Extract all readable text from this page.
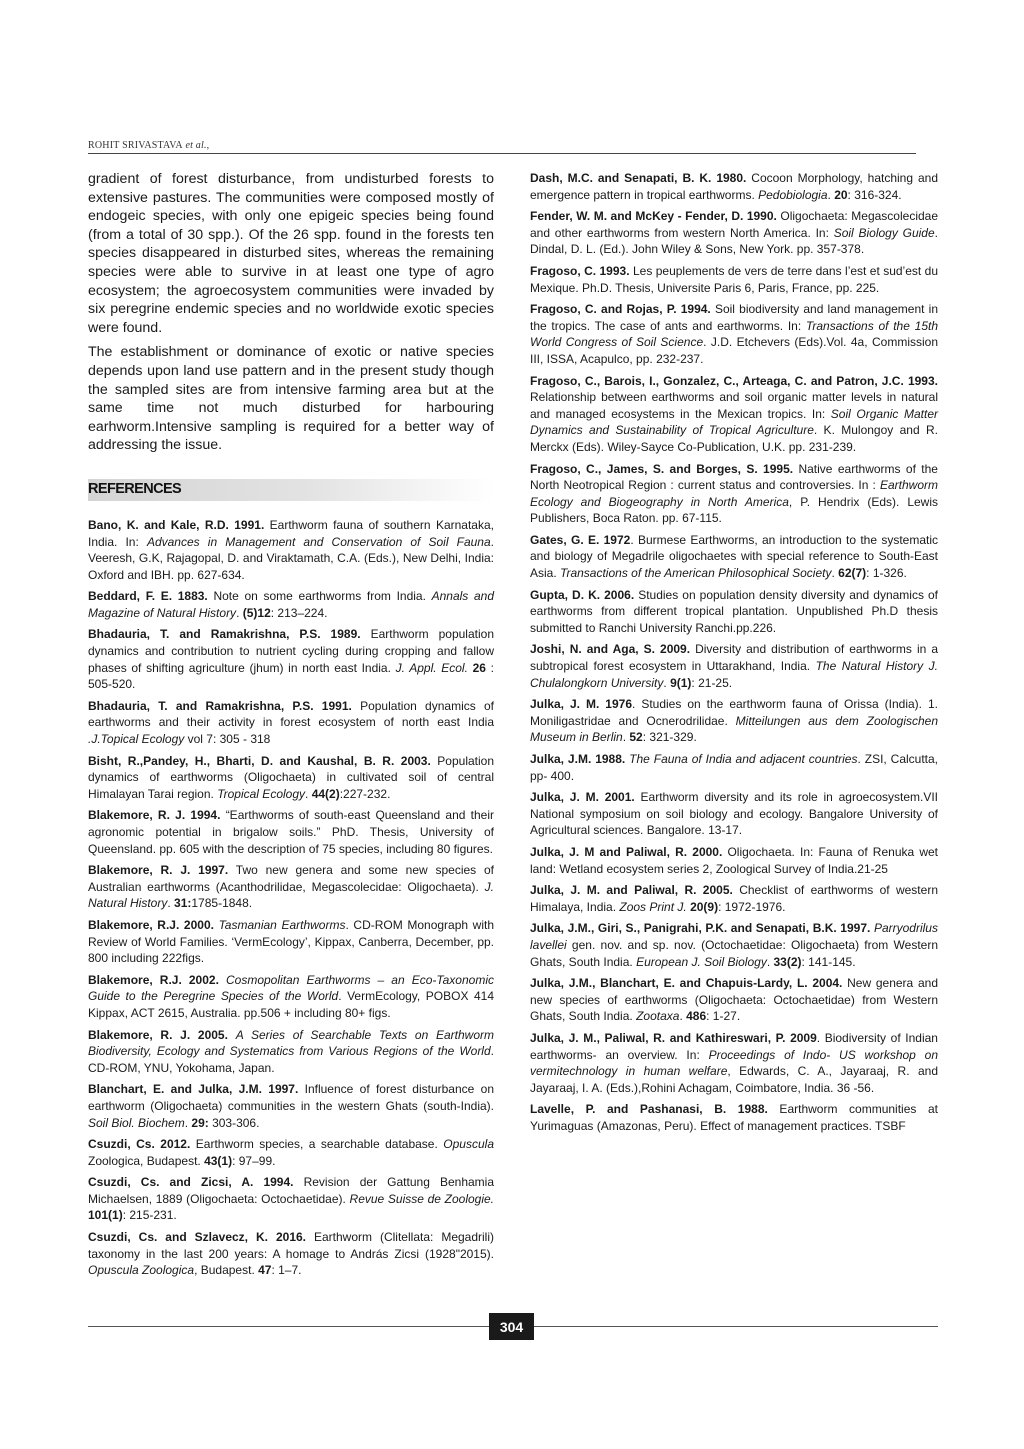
ROHIT SRIVASTAVA et al.,

gradient of forest disturbance, from undisturbed forests to extensive pastures. The communities were composed mostly of endogeic species, with only one epigeic species being found (from a total of 30 spp.). Of the 26 spp. found in the forests ten species disappeared in disturbed sites, whereas the remaining species were able to survive in at least one type of agro ecosystem; the agroecosystem communities were invaded by six peregrine endemic species and no worldwide exotic species were found.

The establishment or dominance of exotic or native species depends upon land use pattern and in the present study though the sampled sites are from intensive farming area but at the same time not much disturbed for harbouring earhworm.Intensive sampling is required for a better way of addressing the issue.

REFERENCES

Bano, K. and Kale, R.D. 1991. Earthworm fauna of southern Karnataka, India. In: Advances in Management and Conservation of Soil Fauna. Veeresh, G.K, Rajagopal, D. and Viraktamath, C.A. (Eds.), New Delhi, India: Oxford and IBH. pp. 627-634.

Beddard, F. E. 1883. Note on some earthworms from India. Annals and Magazine of Natural History. (5)12: 213–224.

Bhadauria, T. and Ramakrishna, P.S. 1989. Earthworm population dynamics and contribution to nutrient cycling during cropping and fallow phases of shifting agriculture (jhum) in north east India. J. Appl. Ecol. 26 : 505-520.

Bhadauria, T. and Ramakrishna, P.S. 1991. Population dynamics of earthworms and their activity in forest ecosystem of north east India .J.Topical Ecology vol 7: 305 - 318

Bisht, R.,Pandey, H., Bharti, D. and Kaushal, B. R. 2003. Population dynamics of earthworms (Oligochaeta) in cultivated soil of central Himalayan Tarai region. Tropical Ecology. 44(2):227-232.

Blakemore, R. J. 1994. “Earthworms of south-east Queensland and their agronomic potential in brigalow soils.” PhD. Thesis, University of Queensland. pp. 605 with the description of 75 species, including 80 figures.

Blakemore, R. J. 1997. Two new genera and some new species of Australian earthworms (Acanthodrilidae, Megascolecidae: Oligochaeta). J. Natural History. 31:1785-1848.

Blakemore, R.J. 2000. Tasmanian Earthworms. CD-ROM Monograph with Review of World Families. ‘VermEcology’, Kippax, Canberra, December, pp. 800 including 222figs.

Blakemore, R.J. 2002. Cosmopolitan Earthworms – an Eco-Taxonomic Guide to the Peregrine Species of the World. VermEcology, POBOX 414 Kippax, ACT 2615, Australia. pp.506 + including 80+ figs.

Blakemore, R. J. 2005. A Series of Searchable Texts on Earthworm Biodiversity, Ecology and Systematics from Various Regions of the World. CD-ROM, YNU, Yokohama, Japan.

Blanchart, E. and Julka, J.M. 1997. Influence of forest disturbance on earthworm (Oligochaeta) communities in the western Ghats (south-India). Soil Biol. Biochem. 29: 303-306.

Csuzdi, Cs. 2012. Earthworm species, a searchable database. Opuscula Zoologica, Budapest. 43(1): 97–99.

Csuzdi, Cs. and Zicsi, A. 1994. Revision der Gattung Benhamia Michaelsen, 1889 (Oligochaeta: Octochaetidae). Revue Suisse de Zoologie. 101(1): 215-231.

Csuzdi, Cs. and Szlavecz, K. 2016. Earthworm (Clitellata: Megadrili) taxonomy in the last 200 years: A homage to András Zicsi (1928"2015). Opuscula Zoologica, Budapest. 47: 1–7.

Dash, M.C. and Senapati, B. K. 1980. Cocoon Morphology, hatching and emergence pattern in tropical earthworms. Pedobiologia. 20: 316-324.

Fender, W. M. and McKey - Fender, D. 1990. Oligochaeta: Megascolecidae and other earthworms from western North America. In: Soil Biology Guide. Dindal, D. L. (Ed.). John Wiley & Sons, New York. pp. 357-378.

Fragoso, C. 1993. Les peuplements de vers de terre dans l’est et sud’est du Mexique. Ph.D. Thesis, Universite Paris 6, Paris, France, pp. 225.

Fragoso, C. and Rojas, P. 1994. Soil biodiversity and land management in the tropics. The case of ants and earthworms. In: Transactions of the 15th World Congress of Soil Science. J.D. Etchevers (Eds).Vol. 4a, Commission III, ISSA, Acapulco, pp. 232-237.

Fragoso, C., Barois, I., Gonzalez, C., Arteaga, C. and Patron, J.C. 1993. Relationship between earthworms and soil organic matter levels in natural and managed ecosystems in the Mexican tropics. In: Soil Organic Matter Dynamics and Sustainability of Tropical Agriculture. K. Mulongoy and R. Merckx (Eds). Wiley-Sayce Co-Publication, U.K. pp. 231-239.

Fragoso, C., James, S. and Borges, S. 1995. Native earthworms of the North Neotropical Region : current status and controversies. In : Earthworm Ecology and Biogeography in North America, P. Hendrix (Eds). Lewis Publishers, Boca Raton. pp. 67-115.

Gates, G. E. 1972. Burmese Earthworms, an introduction to the systematic and biology of Megadrile oligochaetes with special reference to South-East Asia. Transactions of the American Philosophical Society. 62(7): 1-326.

Gupta, D. K. 2006. Studies on population density diversity and dynamics of earthworms from different tropical plantation. Unpublished Ph.D thesis submitted to Ranchi University Ranchi.pp.226.

Joshi, N. and Aga, S. 2009. Diversity and distribution of earthworms in a subtropical forest ecosystem in Uttarakhand, India. The Natural History J. Chulalongkorn University. 9(1): 21-25.

Julka, J. M. 1976. Studies on the earthworm fauna of Orissa (India). 1. Moniligastridae and Ocnerodrilidae. Mitteilungen aus dem Zoologischen Museum in Berlin. 52: 321-329.

Julka, J.M. 1988. The Fauna of India and adjacent countries. ZSI, Calcutta, pp- 400.

Julka, J. M. 2001. Earthworm diversity and its role in agroecosystem.VII National symposium on soil biology and ecology. Bangalore University of Agricultural sciences. Bangalore. 13-17.

Julka, J. M and Paliwal, R. 2000. Oligochaeta. In: Fauna of Renuka wet land: Wetland ecosystem series 2, Zoological Survey of India.21-25

Julka, J. M. and Paliwal, R. 2005. Checklist of earthworms of western Himalaya, India. Zoos Print J. 20(9): 1972-1976.

Julka, J.M., Giri, S., Panigrahi, P.K. and Senapati, B.K. 1997. Parryodrilus lavellei gen. nov. and sp. nov. (Octochaetidae: Oligochaeta) from Western Ghats, South India. European J. Soil Biology. 33(2): 141-145.

Julka, J.M., Blanchart, E. and Chapuis-Lardy, L. 2004. New genera and new species of earthworms (Oligochaeta: Octochaetidae) from Western Ghats, South India. Zootaxa. 486: 1-27.

Julka, J. M., Paliwal, R. and Kathireswari, P. 2009. Biodiversity of Indian earthworms- an overview. In: Proceedings of Indo- US workshop on vermitechnology in human welfare, Edwards, C. A., Jayaraaj, R. and Jayaraaj, I. A. (Eds.),Rohini Achagam, Coimbatore, India. 36 -56.

Lavelle, P. and Pashanasi, B. 1988. Earthworm communities at Yurimaguas (Amazonas, Peru). Effect of management practices. TSBF

304
